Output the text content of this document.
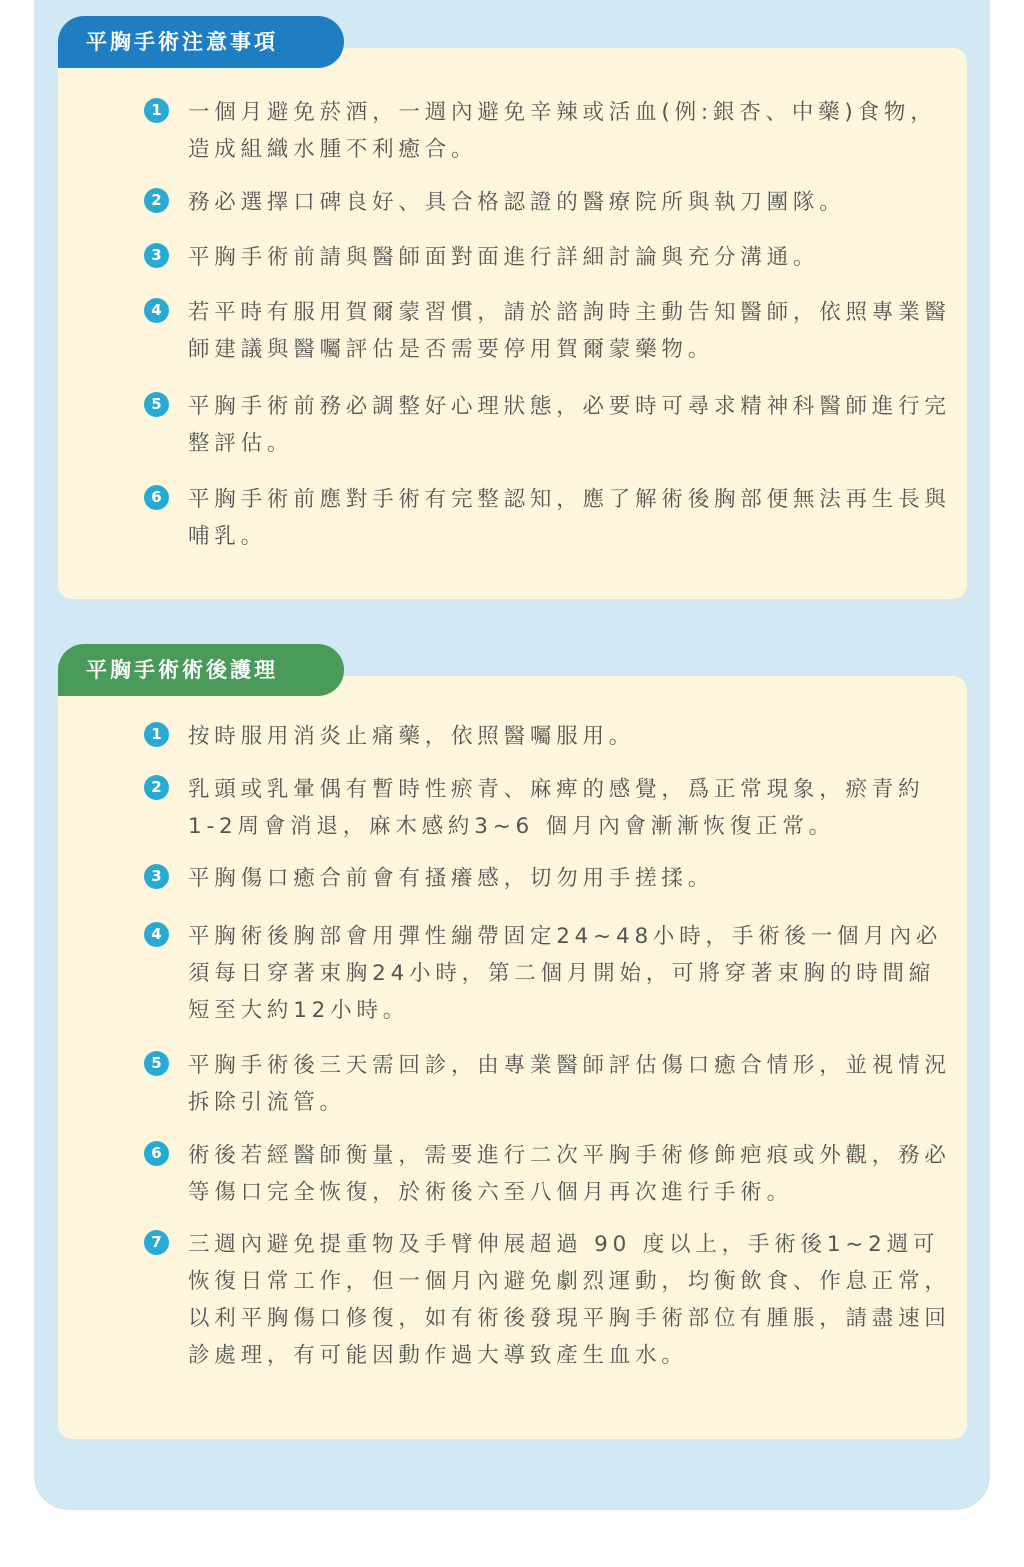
1	一個月避免菸酒，一週內避免辛辣或活血(例:銀杏、中藥)食物，造成組織水腫不利癒合。

2	務必選擇口碑良好、具合格認證的醫療院所與執刀團隊。

3	平胸手術前請與醫師面對面進行詳細討論與充分溝通。

4	若平時有服用賀爾蒙習慣，請於諮詢時主動告知醫師，依照專業醫師建議與醫囑評估是否需要停用賀爾蒙藥物。

5	平胸手術前務必調整好心理狀態，必要時可尋求精神科醫師進行完整評估。

6	平胸手術前應對手術有完整認知，應了解術後胸部便無法再生長與哺乳。

平胸手術注意事項
1	按時服用消炎止痛藥，依照醫囑服用。

2	乳頭或乳暈偶有暫時性瘀青、麻痺的感覺，爲正常現象，瘀青約1-2周會消退，麻木感約3~6 個月內會漸漸恢復正常。

3	平胸傷口癒合前會有搔癢感，切勿用手搓揉。

4	平胸術後胸部會用彈性繃帶固定24~48小時，手術後一個月內必須每日穿著束胸24小時，第二個月開始，可將穿著束胸的時間縮短至大約12小時。

5	平胸手術後三天需回診，由專業醫師評估傷口癒合情形，並視情況拆除引流管。

6	術後若經醫師衡量，需要進行二次平胸手術修飾疤痕或外觀，務必等傷口完全恢復，於術後六至八個月再次進行手術。

7	三週內避免提重物及手臂伸展超過 90 度以上，手術後1~2週可恢復日常工作，但一個月內避免劇烈運動，均衡飲食、作息正常，以利平胸傷口修復，如有術後發現平胸手術部位有腫脹，請盡速回診處理，有可能因動作過大導致產生血水。

平胸手術術後護理
